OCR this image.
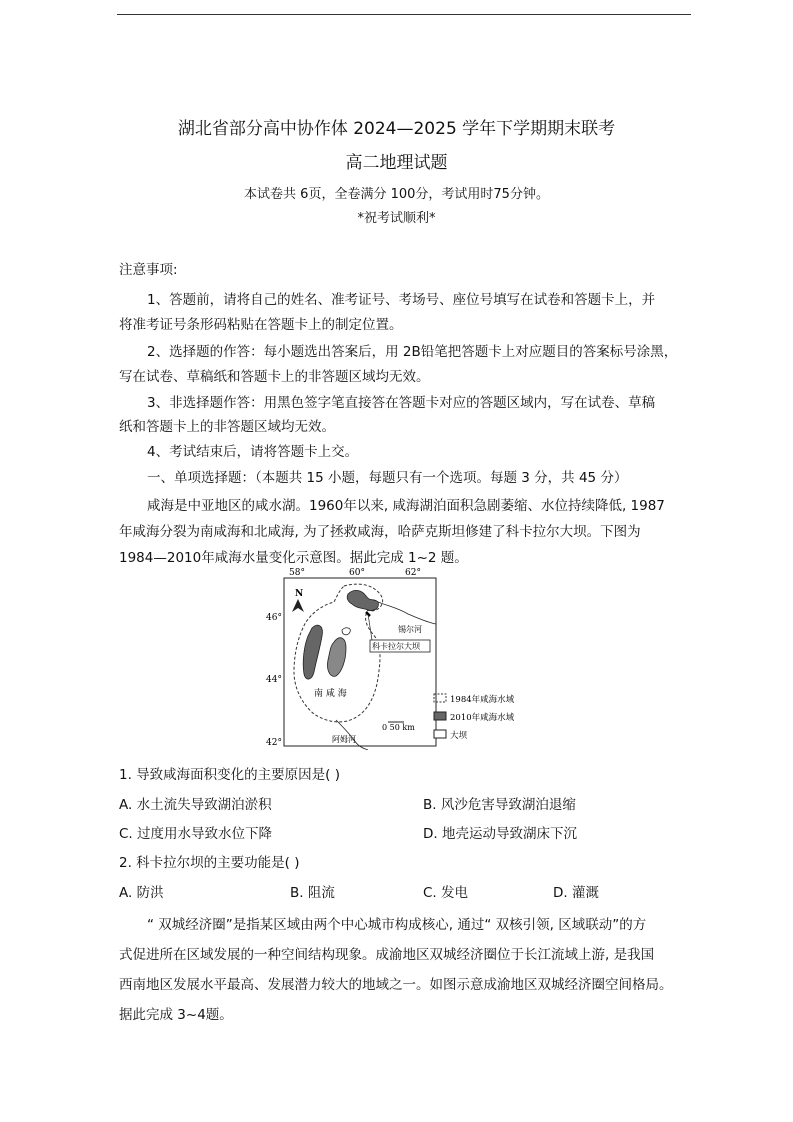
湖北省部分高中协作体 2024—2025 学年下学期期末联考
高二地理试题
本试卷共 6页，全卷满分 100分，考试用时75分钟。
*祝考试顺利*
注意事项:
1、答题前，请将自己的姓名、准考证号、考场号、座位号填写在试卷和答题卡上，并
将准考证号条形码粘贴在答题卡上的制定位置。
2、选择题的作答：每小题选出答案后，用 2B铅笔把答题卡上对应题目的答案标号涂黑，
写在试卷、草稿纸和答题卡上的非答题区域均无效。
3、非选择题作答：用黑色签字笔直接答在答题卡对应的答题区域内，写在试卷、草稿
纸和答题卡上的非答题区域均无效。
4、考试结束后，请将答题卡上交。
一、单项选择题：（本题共 15 小题，每题只有一个选项。每题 3 分，共 45 分）
咸海是中亚地区的咸水湖。1960年以来, 咸海湖泊面积急剧萎缩、水位持续降低, 1987
年咸海分裂为南咸海和北咸海, 为了拯救咸海，哈萨克斯坦修建了科卡拉尔大坝。下图为
1984—2010年咸海水量变化示意图。据此完成 1~2 题。
58°	60°	62°
46°
44°
42°
N
锡尔河
科卡拉尔大坝
南 咸 海
阿姆河
0 50 km
1984年咸海水域
2010年咸海水域
大坝
1. 导致咸海面积变化的主要原因是( )
A. 水土流失导致湖泊淤积	B. 风沙危害导致湖泊退缩
C. 过度用水导致水位下降	D. 地壳运动导致湖床下沉
2. 科卡拉尔坝的主要功能是( )
A. 防洪	B. 阻流	C. 发电	D. 灌溉
“ 双城经济圈”是指某区域由两个中心城市构成核心, 通过“ 双核引领, 区域联动”的方
式促进所在区域发展的一种空间结构现象。成渝地区双城经济圈位于长江流域上游, 是我国
西南地区发展水平最高、发展潜力较大的地域之一。如图示意成渝地区双城经济圈空间格局。
据此完成 3~4题。
